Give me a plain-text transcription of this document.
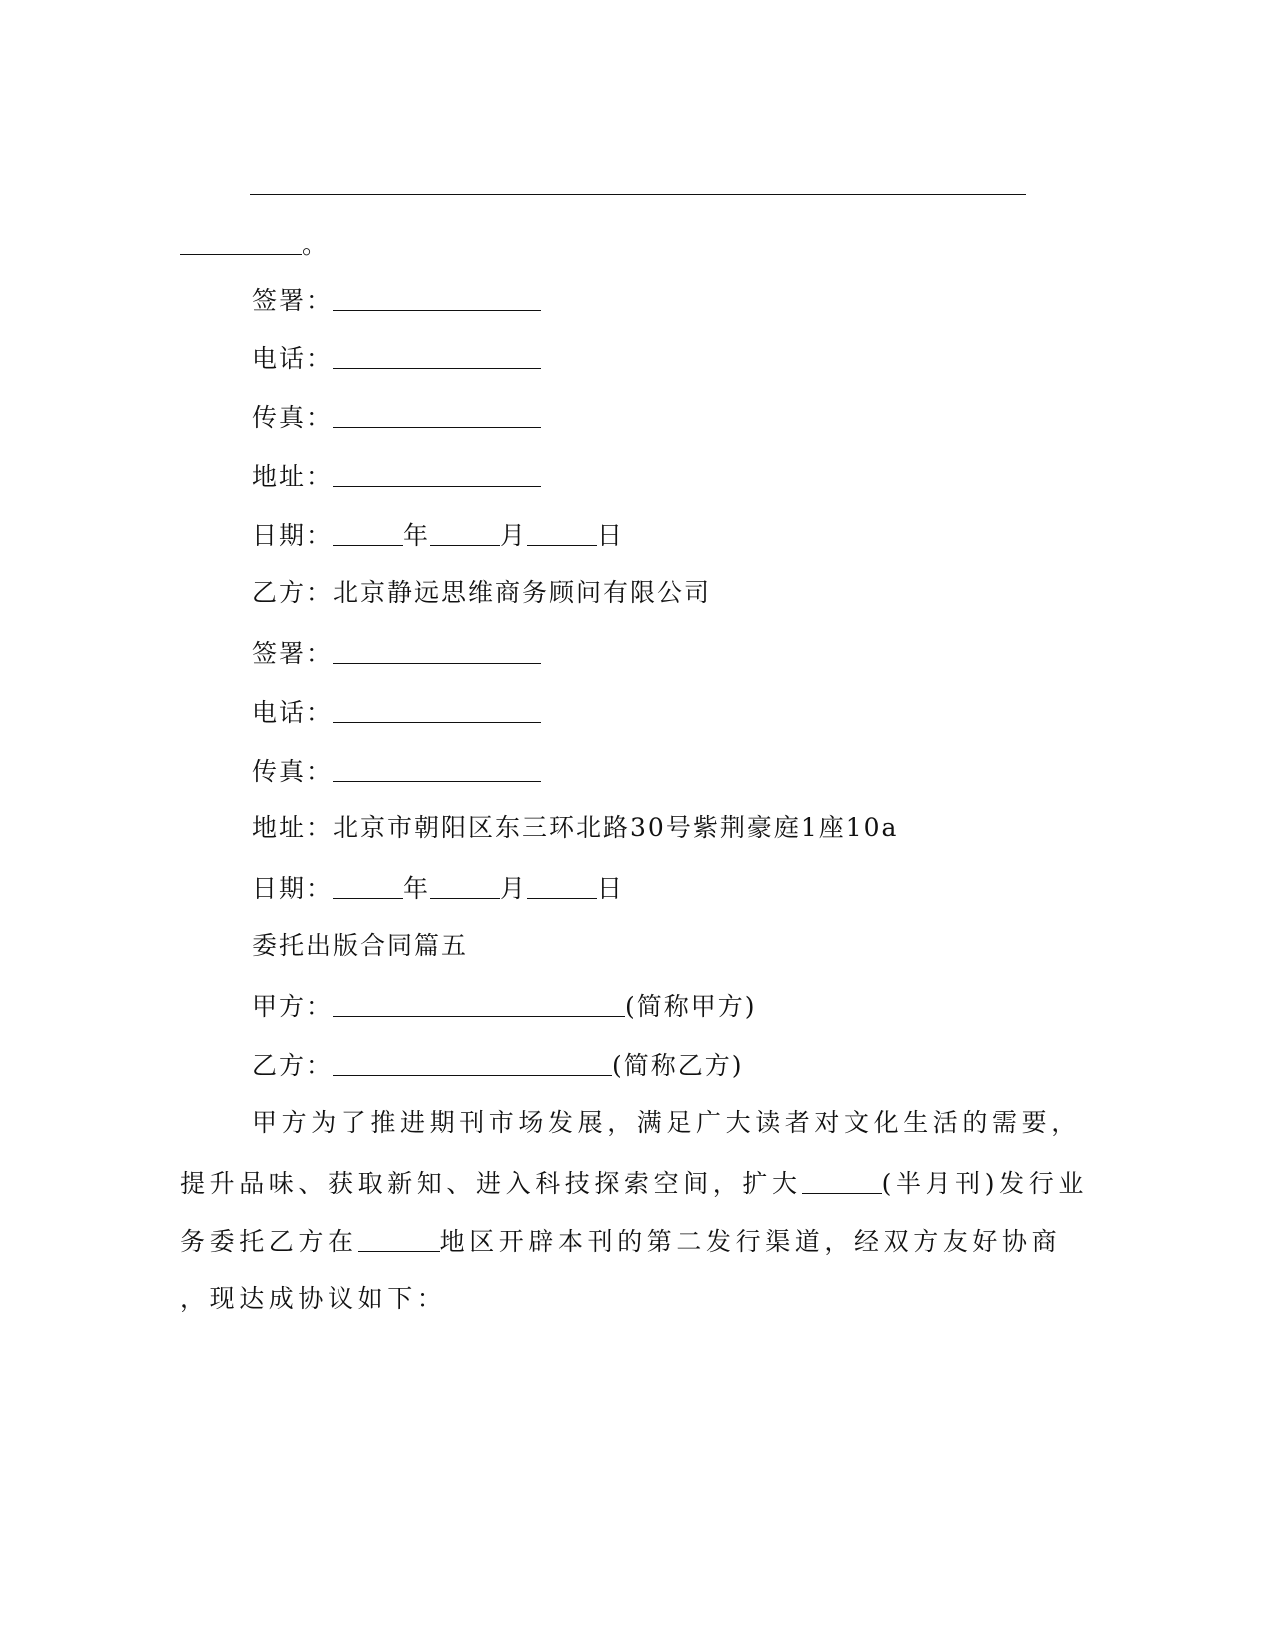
。
签署：
电话：
传真：
地址：
日期：	年	月	日
乙方：北京静远思维商务顾问有限公司
签署：
电话：
传真：
地址：北京市朝阳区东三环北路30号紫荆豪庭1座10a
日期：	年	月	日
委托出版合同篇五
甲方：	(简称甲方)
乙方：	(简称乙方)
甲方为了推进期刊市场发展，满足广大读者对文化生活的需要，
提升品味、获取新知、进入科技探索空间，扩大	(半月刊)发行业
务委托乙方在	地区开辟本刊的第二发行渠道，经双方友好协商
，现达成协议如下：
